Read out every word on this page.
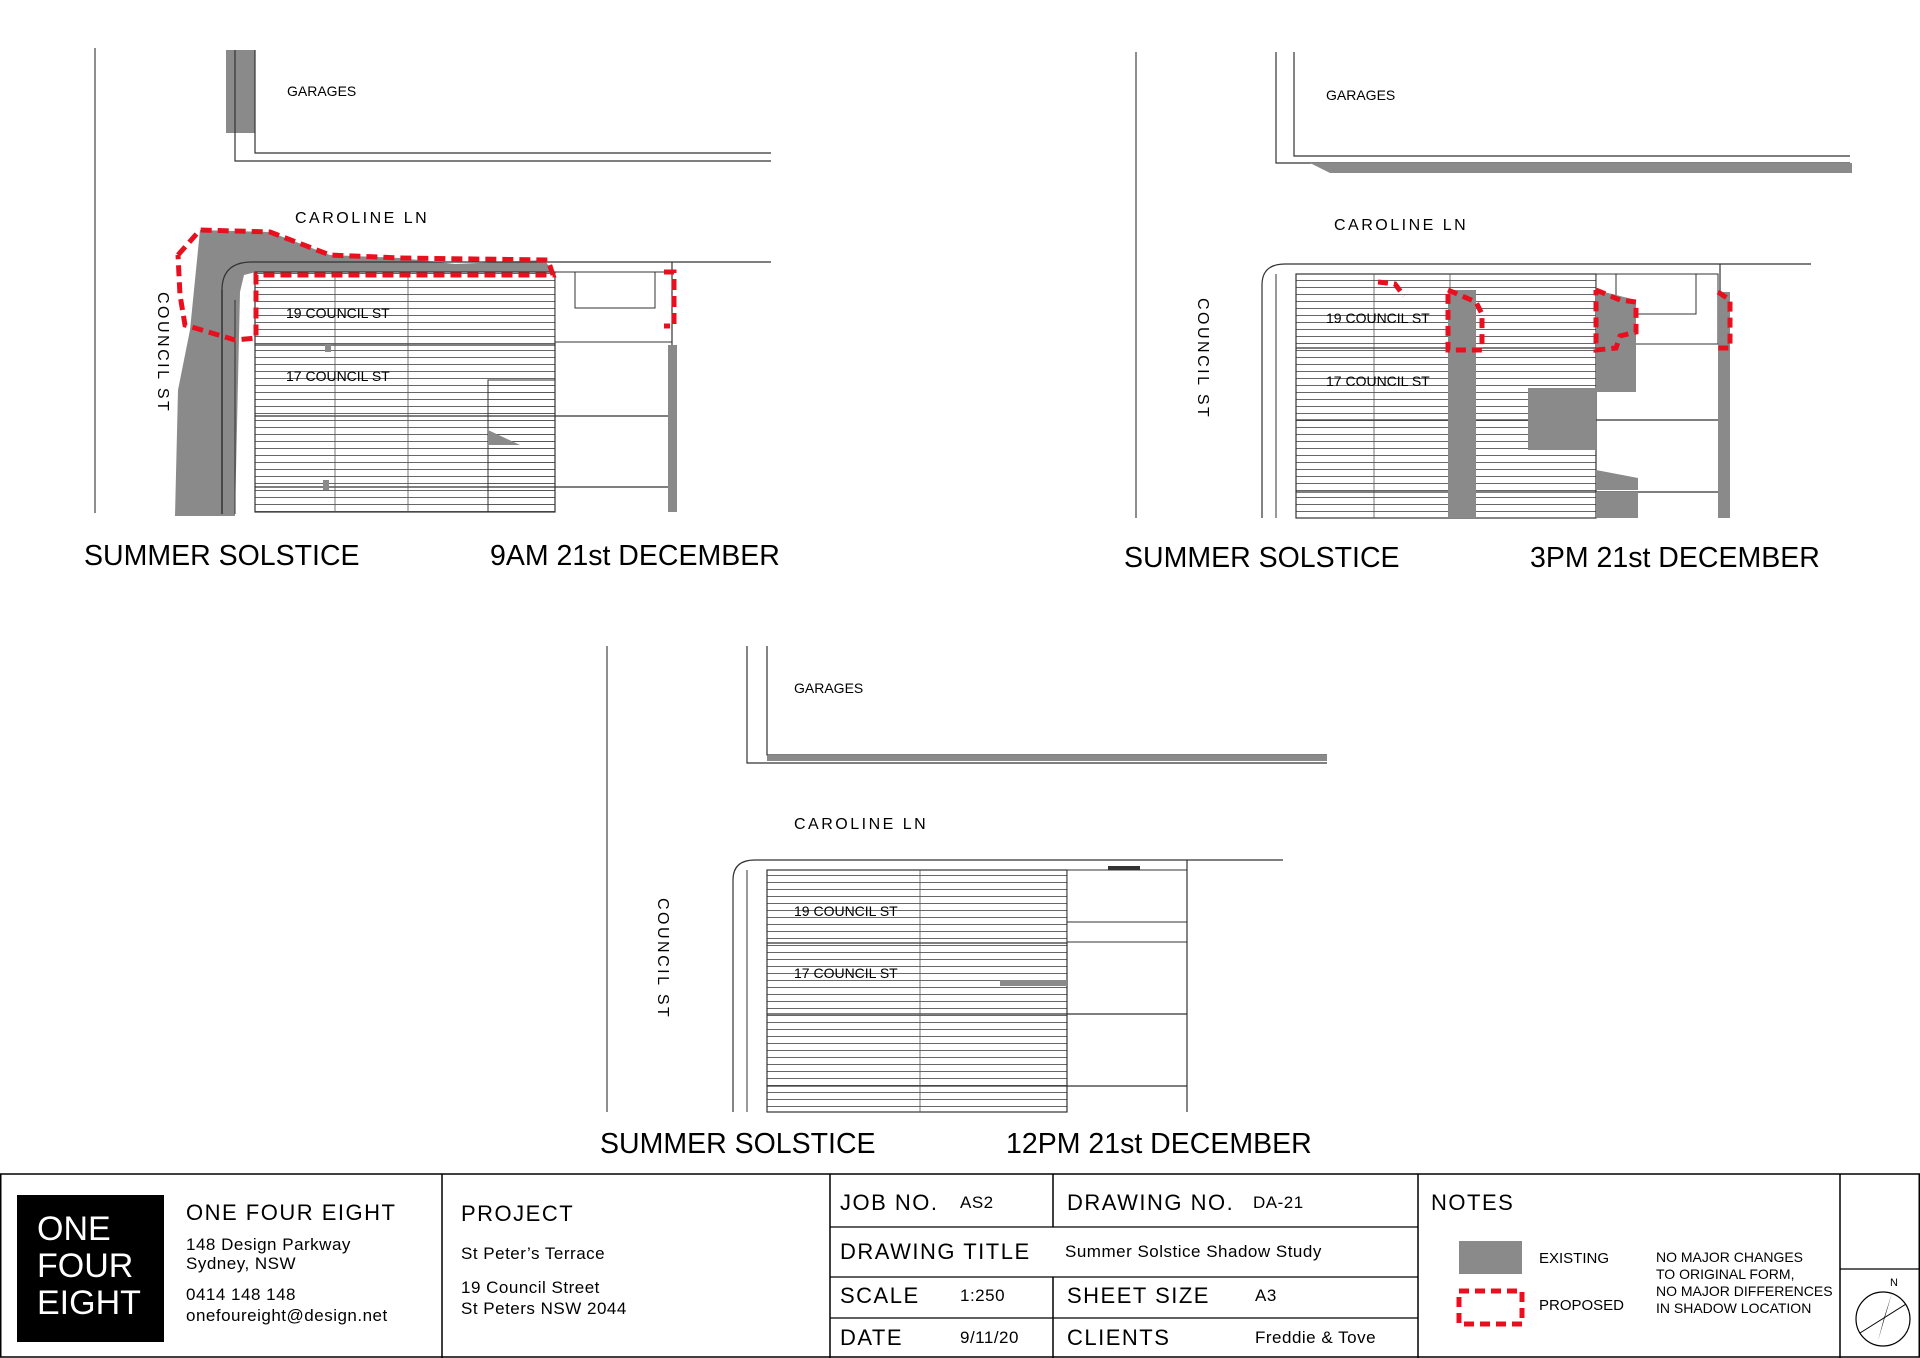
GARAGES
CAROLINE LN
COUNCIL ST	19 COUNCIL ST
17 COUNCIL ST
GARAGES
CAROLINE LN
COUNCIL ST	19 COUNCIL ST
17 COUNCIL ST
GARAGES
CAROLINE LN
COUNCIL ST	19 COUNCIL ST
17 COUNCIL ST
SUMMER SOLSTICE	9AM 21st DECEMBER	SUMMER SOLSTICE	3PM 21st DECEMBER
SUMMER SOLSTICE	12PM 21st DECEMBER
ONE
FOUR
EIGHT
ONE FOUR EIGHT
148 Design Parkway
Sydney, NSW
0414 148 148
onefoureight@design.net
PROJECT
St Peter’s Terrace
19 Council Street
St Peters NSW 2044
JOB NO. AS2	DRAWING NO. DA-21
DRAWING TITLE Summer Solstice Shadow Study
SCALE 1:250	SHEET SIZE	A3
DATE	9/11/20 CLIENTS	Freddie & Tove
NOTES
EXISTING
PROPOSED
NO MAJOR CHANGES
TO ORIGINAL FORM,
NO MAJOR DIFFERENCES
IN SHADOW LOCATION
N
